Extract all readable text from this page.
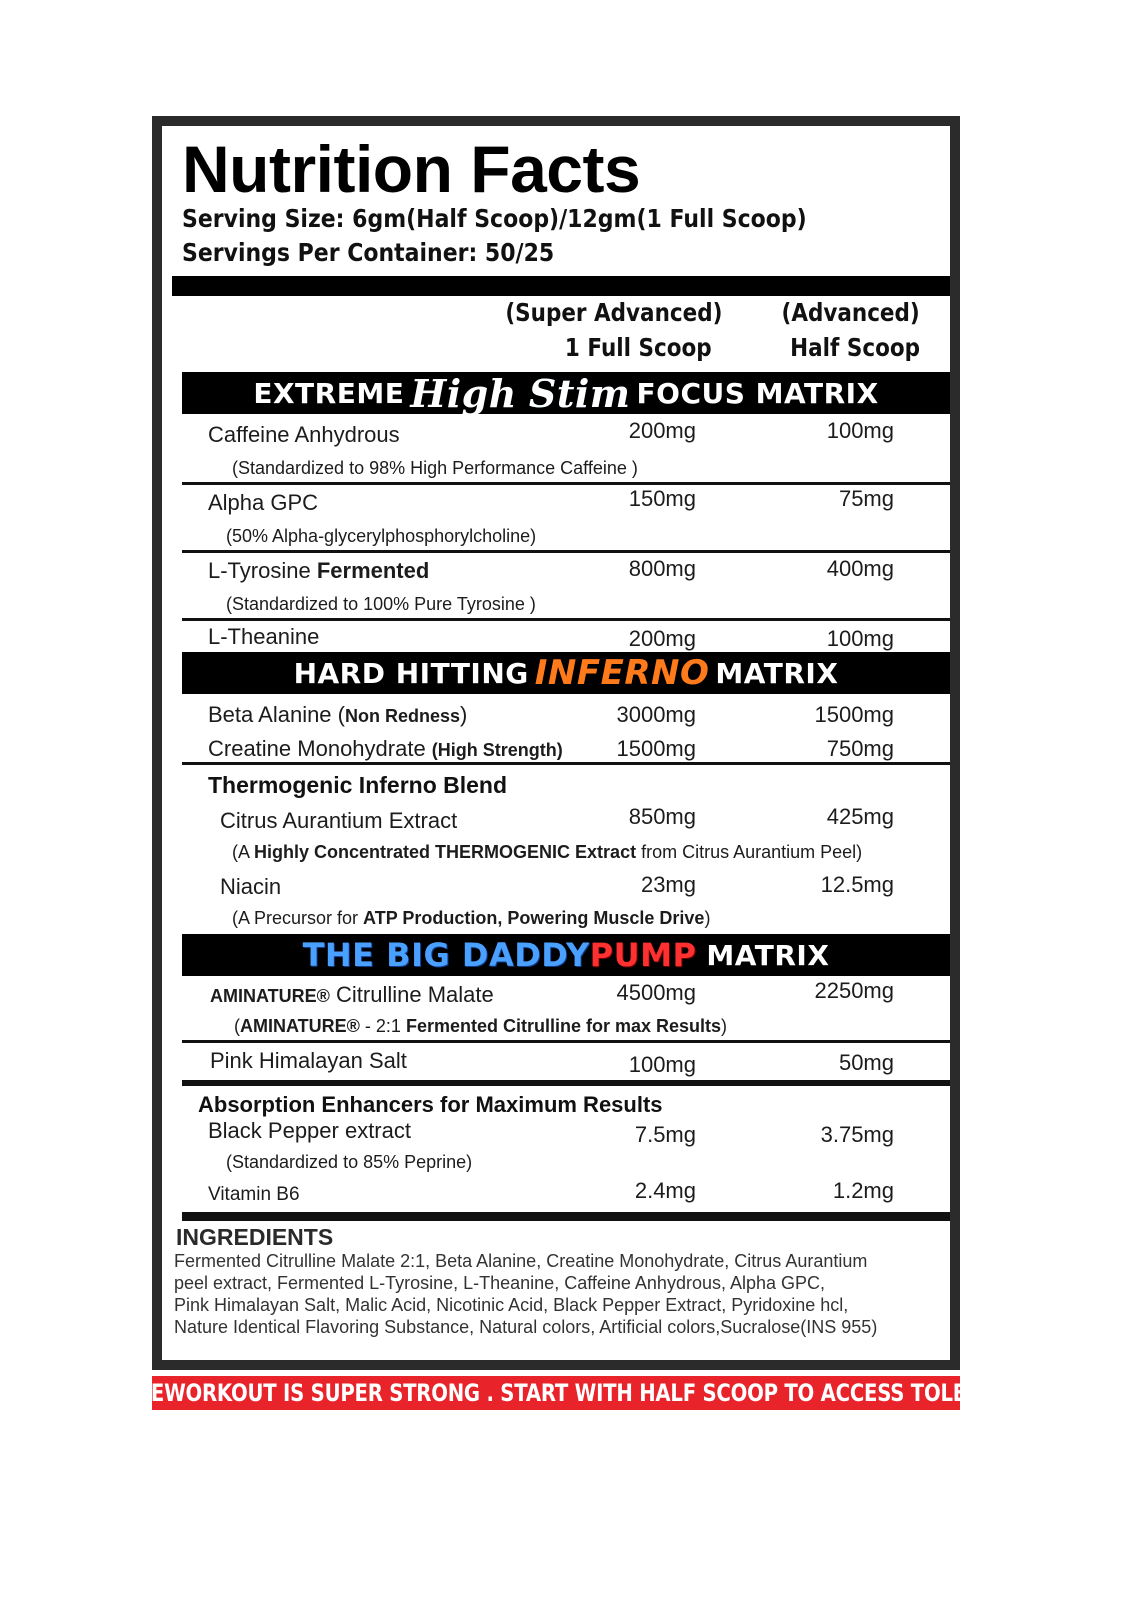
Nutrition Facts
Serving Size: 6gm(Half Scoop)/12gm(1 Full Scoop)
Servings Per Container: 50/25
(Super Advanced)
1 Full Scoop
(Advanced)
Half Scoop
EXTREME High Stim FOCUS MATRIX
Caffeine Anhydrous	200mg	100mg
(Standardized to 98% High Performance Caffeine )
Alpha GPC	150mg	75mg
(50% Alpha-glycerylphosphorylcholine)
L-Tyrosine Fermented	800mg	400mg
(Standardized to 100% Pure Tyrosine )
L-Theanine	200mg	100mg
HARD HITTING INFERNO MATRIX
Beta Alanine (Non Redness)	3000mg	1500mg
Creatine Monohydrate (High Strength) 1500mg	750mg
Thermogenic Inferno Blend
Citrus Aurantium Extract	850mg	425mg
(A Highly Concentrated THERMOGENIC Extract from Citrus Aurantium Peel)
Niacin	23mg	12.5mg
(A Precursor for ATP Production, Powering Muscle Drive)
THE BIG DADDY PUMP MATRIX
AMINATURE® Citrulline Malate	4500mg	2250mg
(AMINATURE® - 2:1 Fermented Citrulline for max Results)
Pink Himalayan Salt	100mg	50mg
Absorption Enhancers for Maximum Results
Black Pepper extract	7.5mg	3.75mg
(Standardized to 85% Peprine)
Vitamin B6	2.4mg	1.2mg
INGREDIENTS
Fermented Citrulline Malate 2:1, Beta Alanine, Creatine Monohydrate, Citrus Aurantium
peel extract, Fermented L-Tyrosine, L-Theanine, Caffeine Anhydrous, Alpha GPC,
Pink Himalayan Salt, Malic Acid, Nicotinic Acid, Black Pepper Extract, Pyridoxine hcl,
Nature Identical Flavoring Substance, Natural colors, Artificial colors,Sucralose(INS 955)
THIS PREWORKOUT IS SUPER STRONG . START WITH HALF SCOOP TO ACCESS TOLERANCE.
